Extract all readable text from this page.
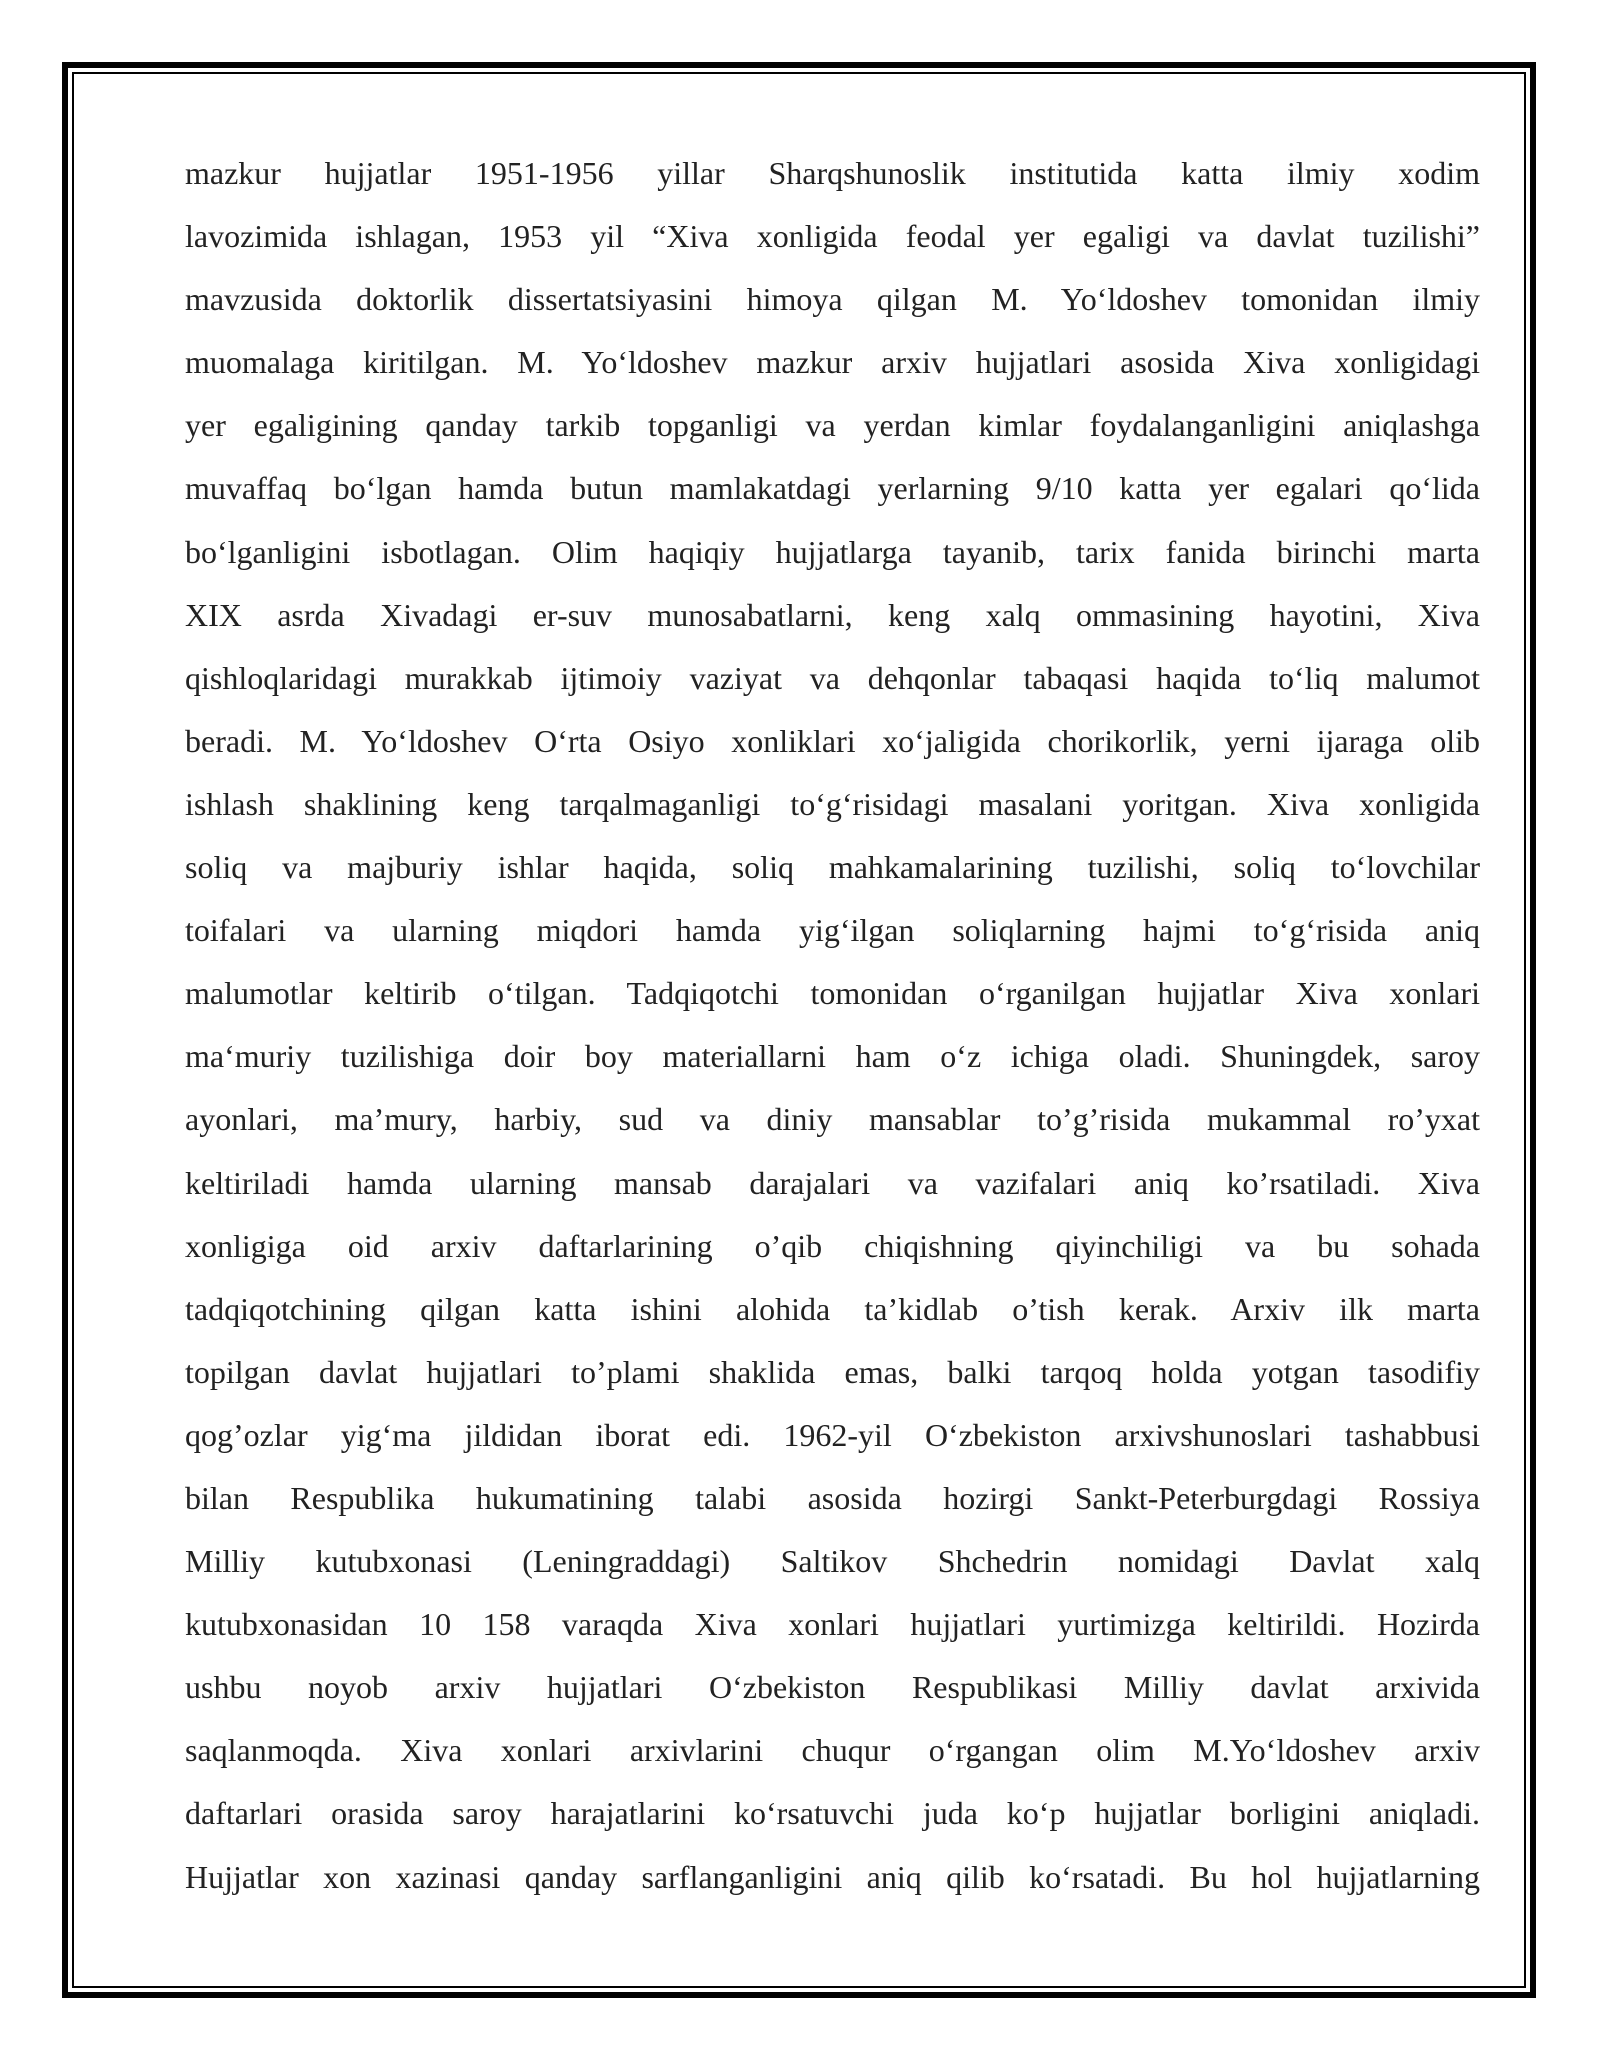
mazkur hujjatlar 1951-1956 yillar Sharqshunoslik institutida katta ilmiy xodim
lavozimida ishlagan, 1953 yil “Xiva xonligida feodal yer egaligi va davlat tuzilishi”
mavzusida doktorlik dissertatsiyasini himoya qilgan M. Yo‘ldoshev tomonidan ilmiy
muomalaga kiritilgan. M. Yo‘ldoshev mazkur arxiv hujjatlari asosida Xiva xonligidagi
yer egaligining qanday tarkib topganligi va yerdan kimlar foydalanganligini aniqlashga
muvaffaq bo‘lgan hamda butun mamlakatdagi yerlarning 9/10 katta yer egalari qo‘lida
bo‘lganligini isbotlagan. Olim haqiqiy hujjatlarga tayanib, tarix fanida birinchi marta
XIX asrda Xivadagi er-suv munosabatlarni, keng xalq ommasining hayotini, Xiva
qishloqlaridagi murakkab ijtimoiy vaziyat va dehqonlar tabaqasi haqida to‘liq malumot
beradi. M. Yo‘ldoshev O‘rta Osiyo xonliklari xo‘jaligida chorikorlik, yerni ijaraga olib
ishlash shaklining keng tarqalmaganligi to‘g‘risidagi masalani yoritgan. Xiva xonligida
soliq va majburiy ishlar haqida, soliq mahkamalarining tuzilishi, soliq to‘lovchilar
toifalari va ularning miqdori hamda yig‘ilgan soliqlarning hajmi to‘g‘risida aniq
malumotlar keltirib o‘tilgan. Tadqiqotchi tomonidan o‘rganilgan hujjatlar Xiva xonlari
ma‘muriy tuzilishiga doir boy materiallarni ham o‘z ichiga oladi. Shuningdek, saroy
ayonlari, ma’mury, harbiy, sud va diniy mansablar to’g’risida mukammal ro’yxat
keltiriladi hamda ularning mansab darajalari va vazifalari aniq ko’rsatiladi. Xiva
xonligiga oid arxiv daftarlarining o’qib chiqishning qiyinchiligi va bu sohada
tadqiqotchining qilgan katta ishini alohida ta’kidlab o’tish kerak. Arxiv ilk marta
topilgan davlat hujjatlari to’plami shaklida emas, balki tarqoq holda yotgan tasodifiy
qog’ozlar yig‘ma jildidan iborat edi. 1962-yil O‘zbekiston arxivshunoslari tashabbusi
bilan Respublika hukumatining talabi asosida hozirgi Sankt-Peterburgdagi Rossiya
Milliy kutubxonasi (Leningraddagi) Saltikov Shchedrin nomidagi Davlat xalq
kutubxonasidan 10 158 varaqda Xiva xonlari hujjatlari yurtimizga keltirildi. Hozirda
ushbu noyob arxiv hujjatlari O‘zbekiston Respublikasi Milliy davlat arxivida
saqlanmoqda. Xiva xonlari arxivlarini chuqur o‘rgangan olim M.Yo‘ldoshev arxiv
daftarlari orasida saroy harajatlarini ko‘rsatuvchi juda ko‘p hujjatlar borligini aniqladi.
Hujjatlar xon xazinasi qanday sarflanganligini aniq qilib ko‘rsatadi. Bu hol hujjatlarning
